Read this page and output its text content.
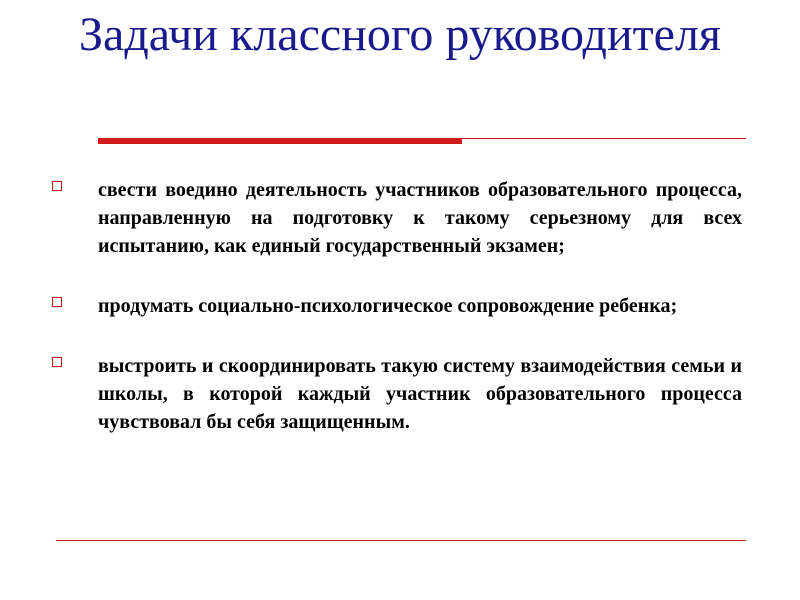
Задачи классного руководителя
свести воедино деятельность участников образовательного процесса, направленную на подготовку к такому серьезному для всех испытанию, как единый государственный экзамен;
продумать социально-психологическое сопровождение ребенка;
выстроить и скоординировать такую систему взаимодействия семьи и школы, в которой каждый участник образовательного процесса чувствовал бы себя защищенным.
